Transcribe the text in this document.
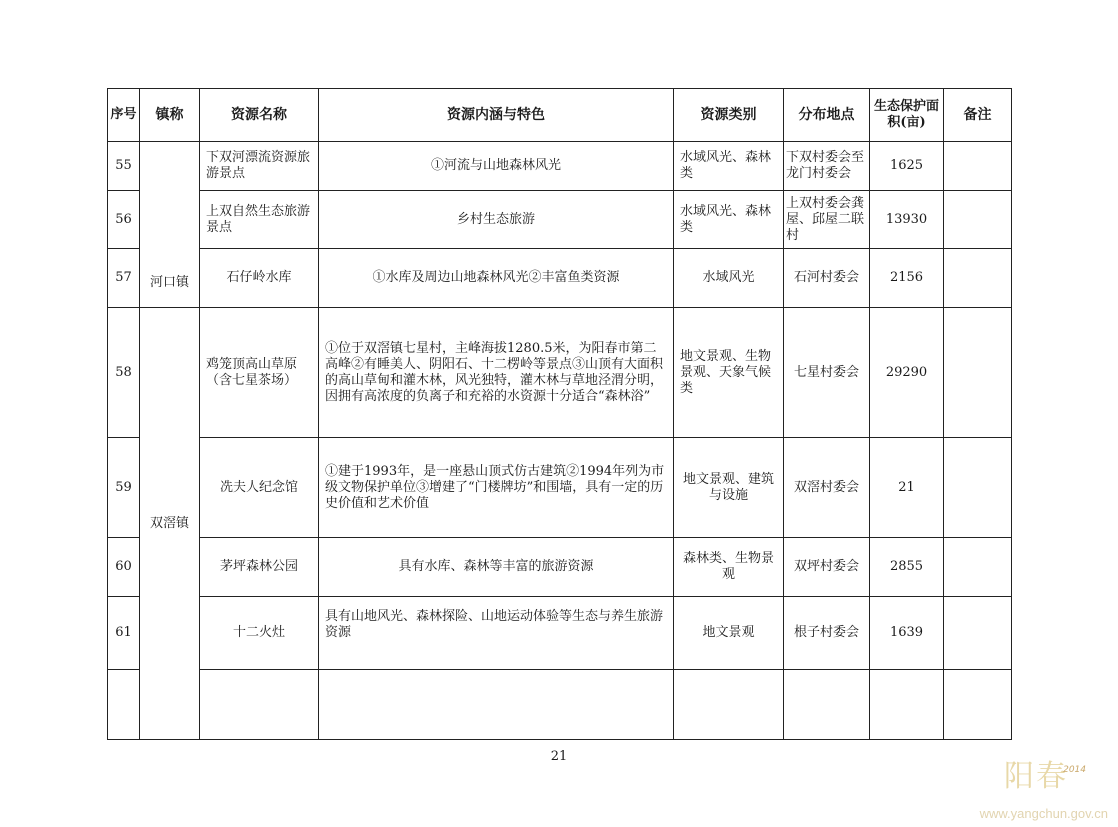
序号	镇称	资源名称	资源内涵与特色	资源类别	分布地点	生态保护面积(亩)	备注
55	河口镇	下双河漂流资源旅游景点	①河流与山地森林风光	水域风光、森林类	下双村委会至龙门村委会	1625	
56		上双自然生态旅游景点	乡村生态旅游	水域风光、森林类	上双村委会龚屋、邱屋二联村	13930	
57		石仔岭水库	①水库及周边山地森林风光②丰富鱼类资源	水域风光	石河村委会	2156	
58	双滘镇	鸡笼顶高山草原（含七星茶场）	①位于双滘镇七星村，主峰海拔1280.5米，为阳春市第二高峰②有睡美人、阴阳石、十二楞岭等景点③山顶有大面积的高山草甸和灌木林，风光独特，灌木林与草地泾渭分明，因拥有高浓度的负离子和充裕的水资源十分适合“森林浴”	地文景观、生物景观、天象气候类	七星村委会	29290	
59		冼夫人纪念馆	①建于1993年，是一座悬山顶式仿古建筑②1994年列为市级文物保护单位③增建了“门楼牌坊”和围墙，具有一定的历史价值和艺术价值	地文景观、建筑与设施	双滘村委会	21	
60		茅坪森林公园	具有水库、森林等丰富的旅游资源	森林类、生物景观	双坪村委会	2855	
61		十二火灶	具有山地风光、森林探险、山地运动体验等生态与养生旅游资源	地文景观	根子村委会	1639	

21
阳春
2014
www.yangchun.gov.cn
